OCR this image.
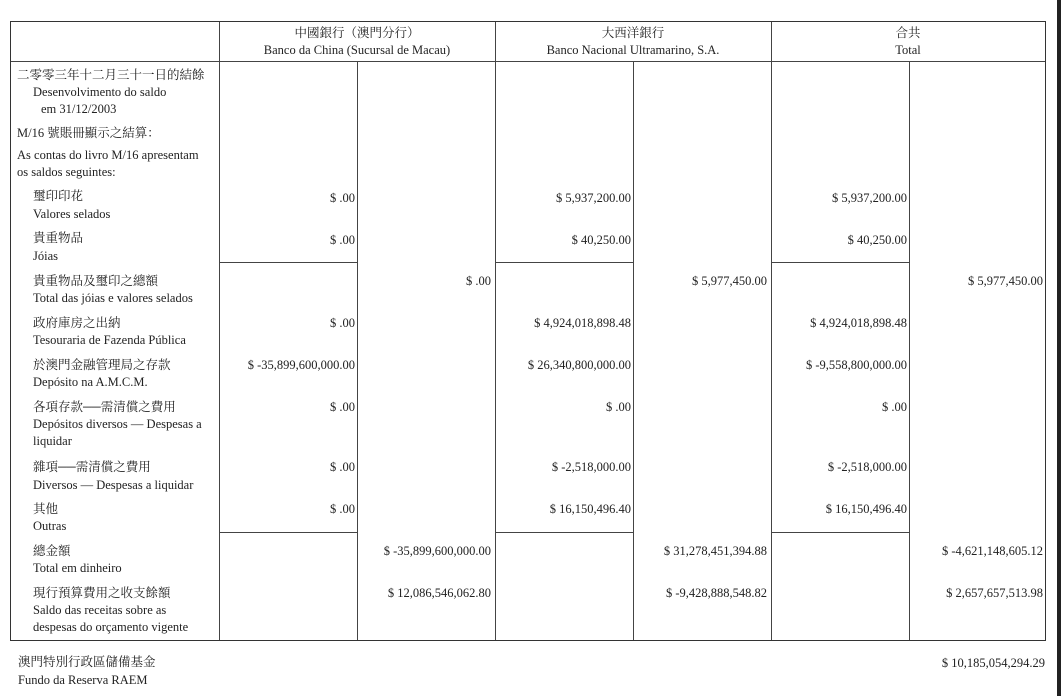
中國銀行（澳門分行）
Banco da China (Sucursal de Macau)
大西洋銀行
Banco Nacional Ultramarino, S.A.
合共
Total
二零零三年十二月三十一日的結餘
Desenvolvimento do saldo
em 31/12/2003
M/16 號賬冊顯示之結算：
As contas do livro M/16 apresentam
os saldos seguintes:
璽印印花
Valores selados
$ .00	$ 5,937,200.00	$ 5,937,200.00
貴重物品
Jóias
$ .00	$ 40,250.00	$ 40,250.00
貴重物品及璽印之總額
Total das jóias e valores selados
$ .00	$ 5,977,450.00	$ 5,977,450.00
政府庫房之出納
Tesouraria de Fazenda Pública
$ .00	$ 4,924,018,898.48	$ 4,924,018,898.48
於澳門金融管理局之存款
Depósito na A.M.C.M.
$ -35,899,600,000.00	$ 26,340,800,000.00	$ -9,558,800,000.00
各項存款──需清償之費用
Depósitos diversos — Despesas a
liquidar
$ .00	$ .00	$ .00
雜項──需清償之費用
Diversos — Despesas a liquidar
$ .00	$ -2,518,000.00	$ -2,518,000.00
其他
Outras
$ .00	$ 16,150,496.40	$ 16,150,496.40
總金額
Total em dinheiro
$ -35,899,600,000.00	$ 31,278,451,394.88	$ -4,621,148,605.12
現行預算費用之收支餘額
Saldo das receitas sobre as
despesas do orçamento vigente
$ 12,086,546,062.80	$ -9,428,888,548.82	$ 2,657,657,513.98
澳門特別行政區儲備基金
Fundo da Reserva RAEM
$ 10,185,054,294.29
